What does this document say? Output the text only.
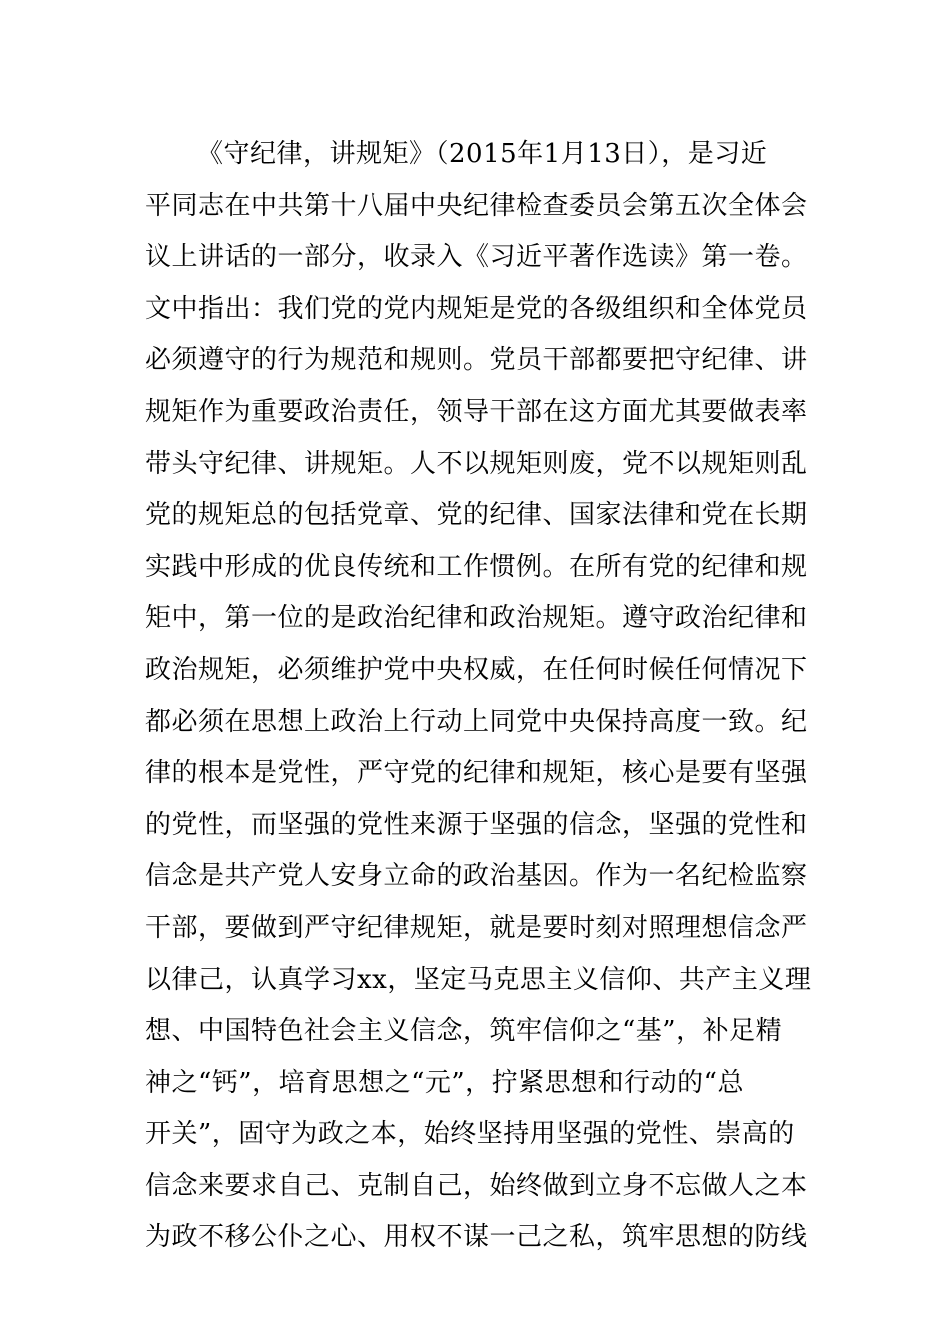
《守纪律，讲规矩》（2015年1月13日），是习近
平同志在中共第十八届中央纪律检查委员会第五次全体会
议上讲话的一部分，收录入《习近平著作选读》第一卷。
文中指出：我们党的党内规矩是党的各级组织和全体党员
必须遵守的行为规范和规则。党员干部都要把守纪律、讲
规矩作为重要政治责任，领导干部在这方面尤其要做表率
带头守纪律、讲规矩。人不以规矩则废，党不以规矩则乱
党的规矩总的包括党章、党的纪律、国家法律和党在长期
实践中形成的优良传统和工作惯例。在所有党的纪律和规
矩中，第一位的是政治纪律和政治规矩。遵守政治纪律和
政治规矩，必须维护党中央权威，在任何时候任何情况下
都必须在思想上政治上行动上同党中央保持高度一致。纪
律的根本是党性，严守党的纪律和规矩，核心是要有坚强
的党性，而坚强的党性来源于坚强的信念，坚强的党性和
信念是共产党人安身立命的政治基因。作为一名纪检监察
干部，要做到严守纪律规矩，就是要时刻对照理想信念严
以律己，认真学习xx，坚定马克思主义信仰、共产主义理
想、中国特色社会主义信念，筑牢信仰之“基”，补足精
神之“钙”，培育思想之“元”，拧紧思想和行动的“总
开关”，固守为政之本，始终坚持用坚强的党性、崇高的
信念来要求自己、克制自己，始终做到立身不忘做人之本
为政不移公仆之心、用权不谋一己之私，筑牢思想的防线
